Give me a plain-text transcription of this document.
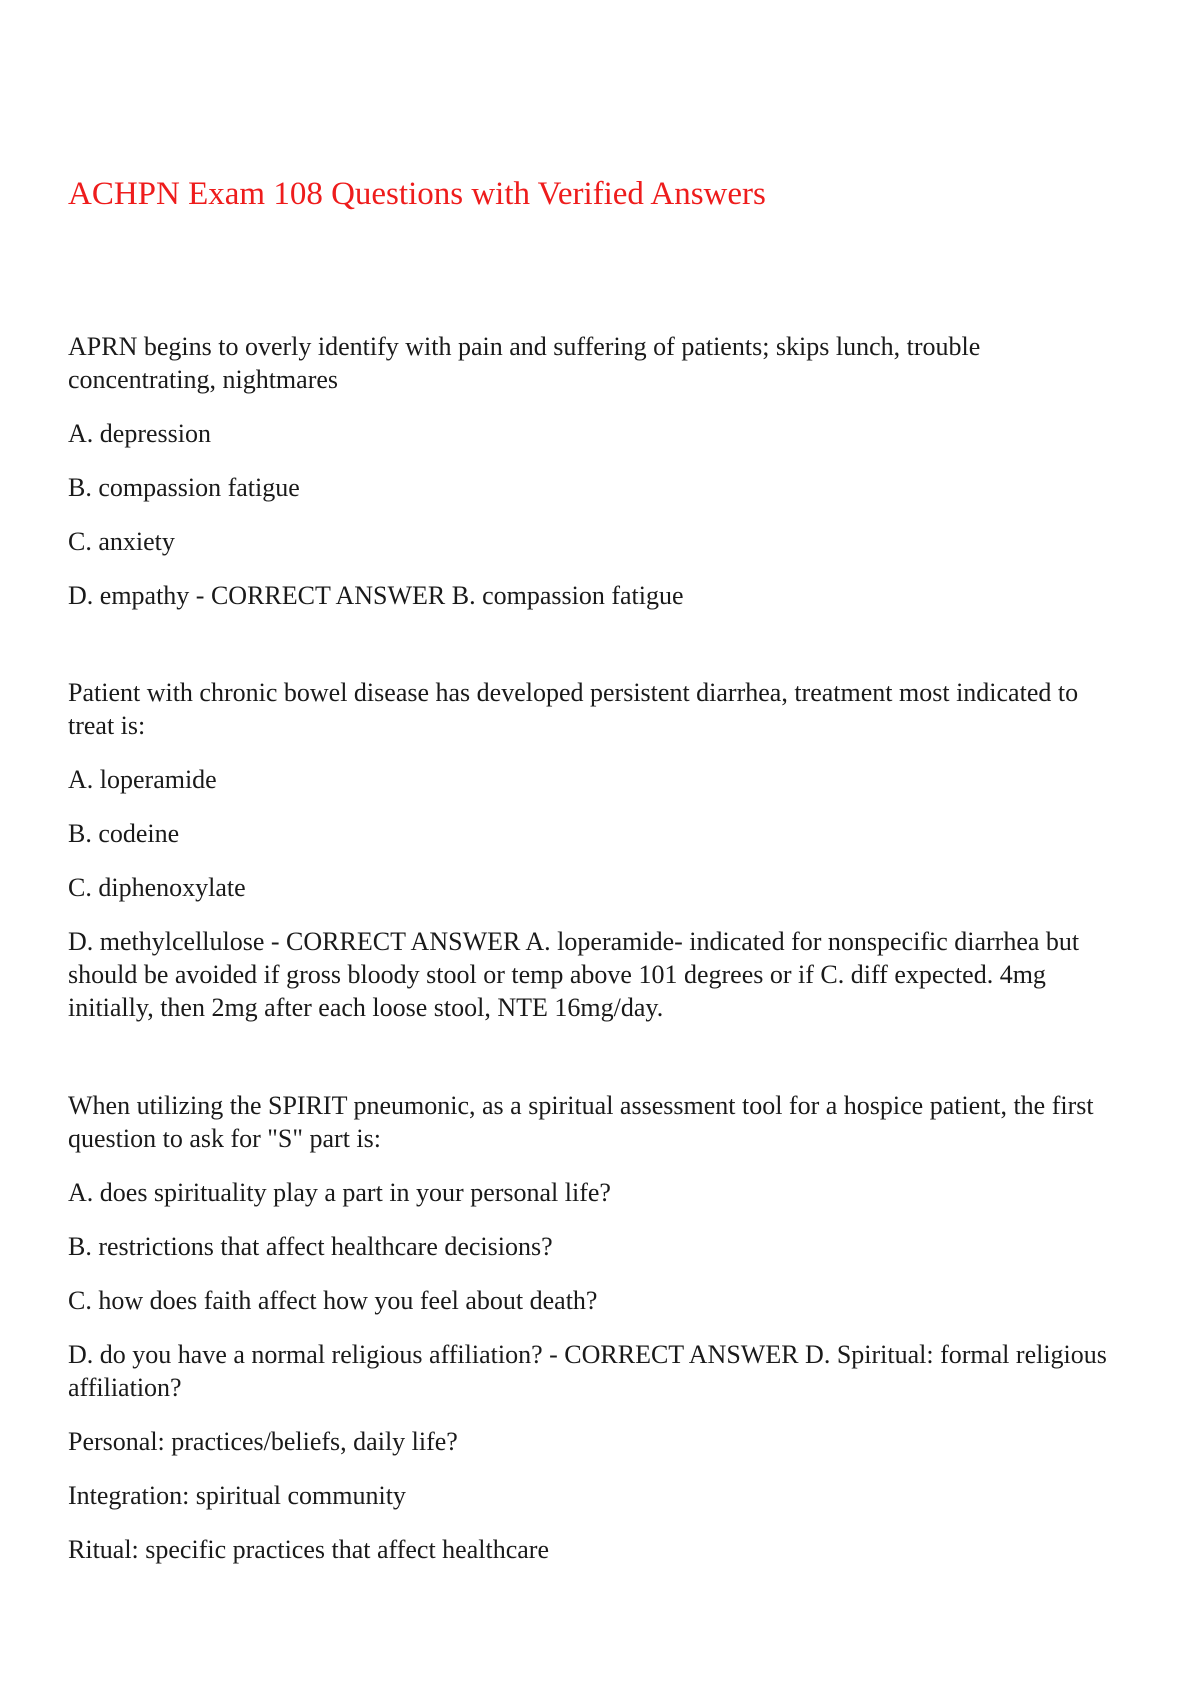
ACHPN Exam 108 Questions with Verified Answers

APRN begins to overly identify with pain and suffering of patients; skips lunch, trouble concentrating, nightmares

A. depression

B. compassion fatigue

C. anxiety

D. empathy - CORRECT ANSWER B. compassion fatigue

Patient with chronic bowel disease has developed persistent diarrhea, treatment most indicated to treat is:

A. loperamide

B. codeine

C. diphenoxylate

D. methylcellulose - CORRECT ANSWER A. loperamide- indicated for nonspecific diarrhea but should be avoided if gross bloody stool or temp above 101 degrees or if C. diff expected. 4mg initially, then 2mg after each loose stool, NTE 16mg/day.

When utilizing the SPIRIT pneumonic, as a spiritual assessment tool for a hospice patient, the first question to ask for "S" part is:

A. does spirituality play a part in your personal life?

B. restrictions that affect healthcare decisions?

C. how does faith affect how you feel about death?

D. do you have a normal religious affiliation? - CORRECT ANSWER D. Spiritual: formal religious affiliation?

Personal: practices/beliefs, daily life?

Integration: spiritual community

Ritual: specific practices that affect healthcare
